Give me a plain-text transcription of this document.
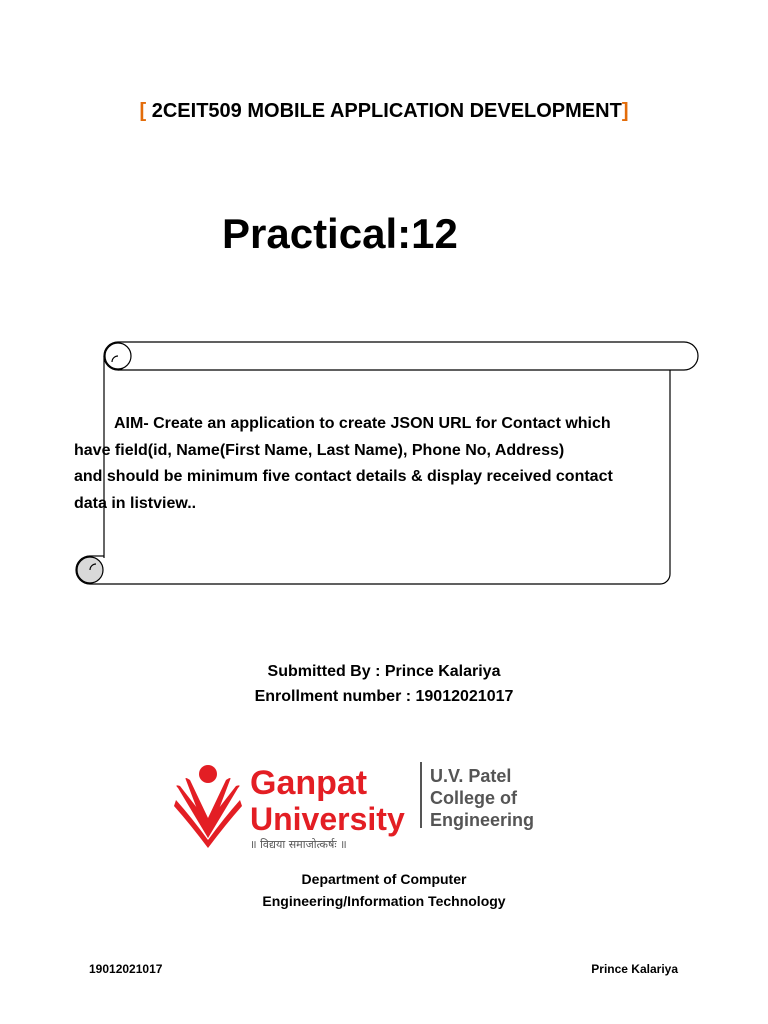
[ 2CEIT509 MOBILE APPLICATION DEVELOPMENT]
Practical:12

AIM- Create an application to create JSON URL for Contact which

have field(id, Name(First Name, Last Name), Phone No, Address)

and should be minimum five contact details & display received contact

data in listview..

Submitted By : Prince Kalariya
Enrollment number : 19012021017
Ganpat
University
॥ विद्यया समाजोत्कर्षः ॥
U.V. Patel
College of
Engineering
Department of Computer
Engineering/Information Technology
19012021017	Prince Kalariya
